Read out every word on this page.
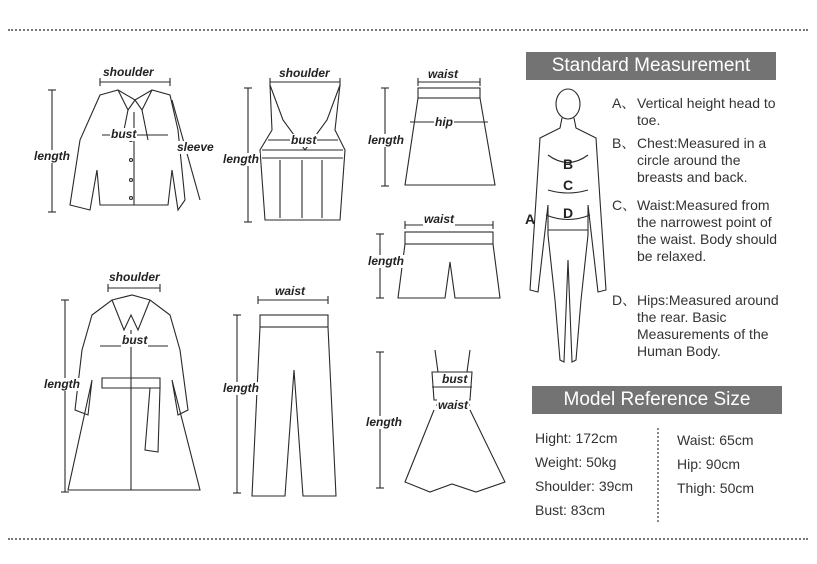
shoulder
bust
length
sleeve
shoulder
bust
length
waist
hip
length
waist
length
shoulder
bust
length
waist
length
bust
waist
length
Standard Measurement
A
B
C
D
A、 Vertical height head to toe.
B、 Chest:Measured in a circle around the breasts and back.
C、 Waist:Measured from the narrowest point of the waist. Body should be relaxed.
D、 Hips:Measured around the rear. Basic Measurements of the Human Body.
Model Reference Size
Hight: 172cm
Weight: 50kg
Shoulder: 39cm
Bust: 83cm
Waist: 65cm
Hip: 90cm
Thigh: 50cm
